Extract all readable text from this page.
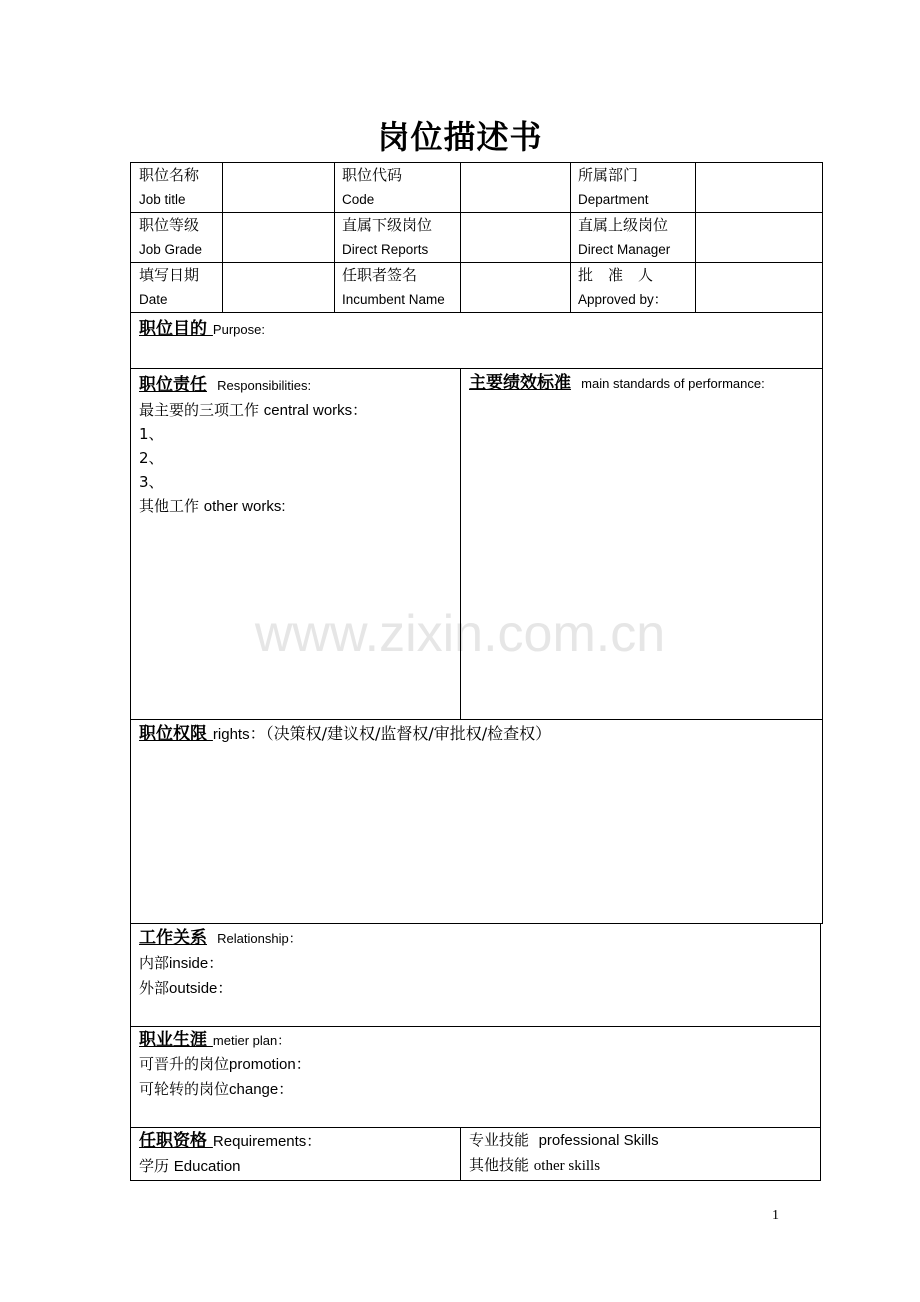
岗位描述书
www.zixin.com.cn
职位名称
Job title
职位代码
Code
所属部门
Department
职位等级
Job Grade
直属下级岗位
Direct Reports
直属上级岗位
Direct Manager
填写日期
Date
任职者签名
Incumbent Name
批　准　人
Approved by：
职位目的 Purpose:
职位责任 Responsibilities:
最主要的三项工作 central works：
1、
2、
3、
其他工作 other works:
主要绩效标准 main standards of performance:
职位权限 rights：（决策权/建议权/监督权/审批权/检查权）
工作关系 Relationship：
内部inside：
外部outside：
职业生涯 metier plan：
可晋升的岗位promotion：
可轮转的岗位change：
任职资格 Requirements：
学历 Education
专业技能 professional Skills
其他技能 other skills
1
